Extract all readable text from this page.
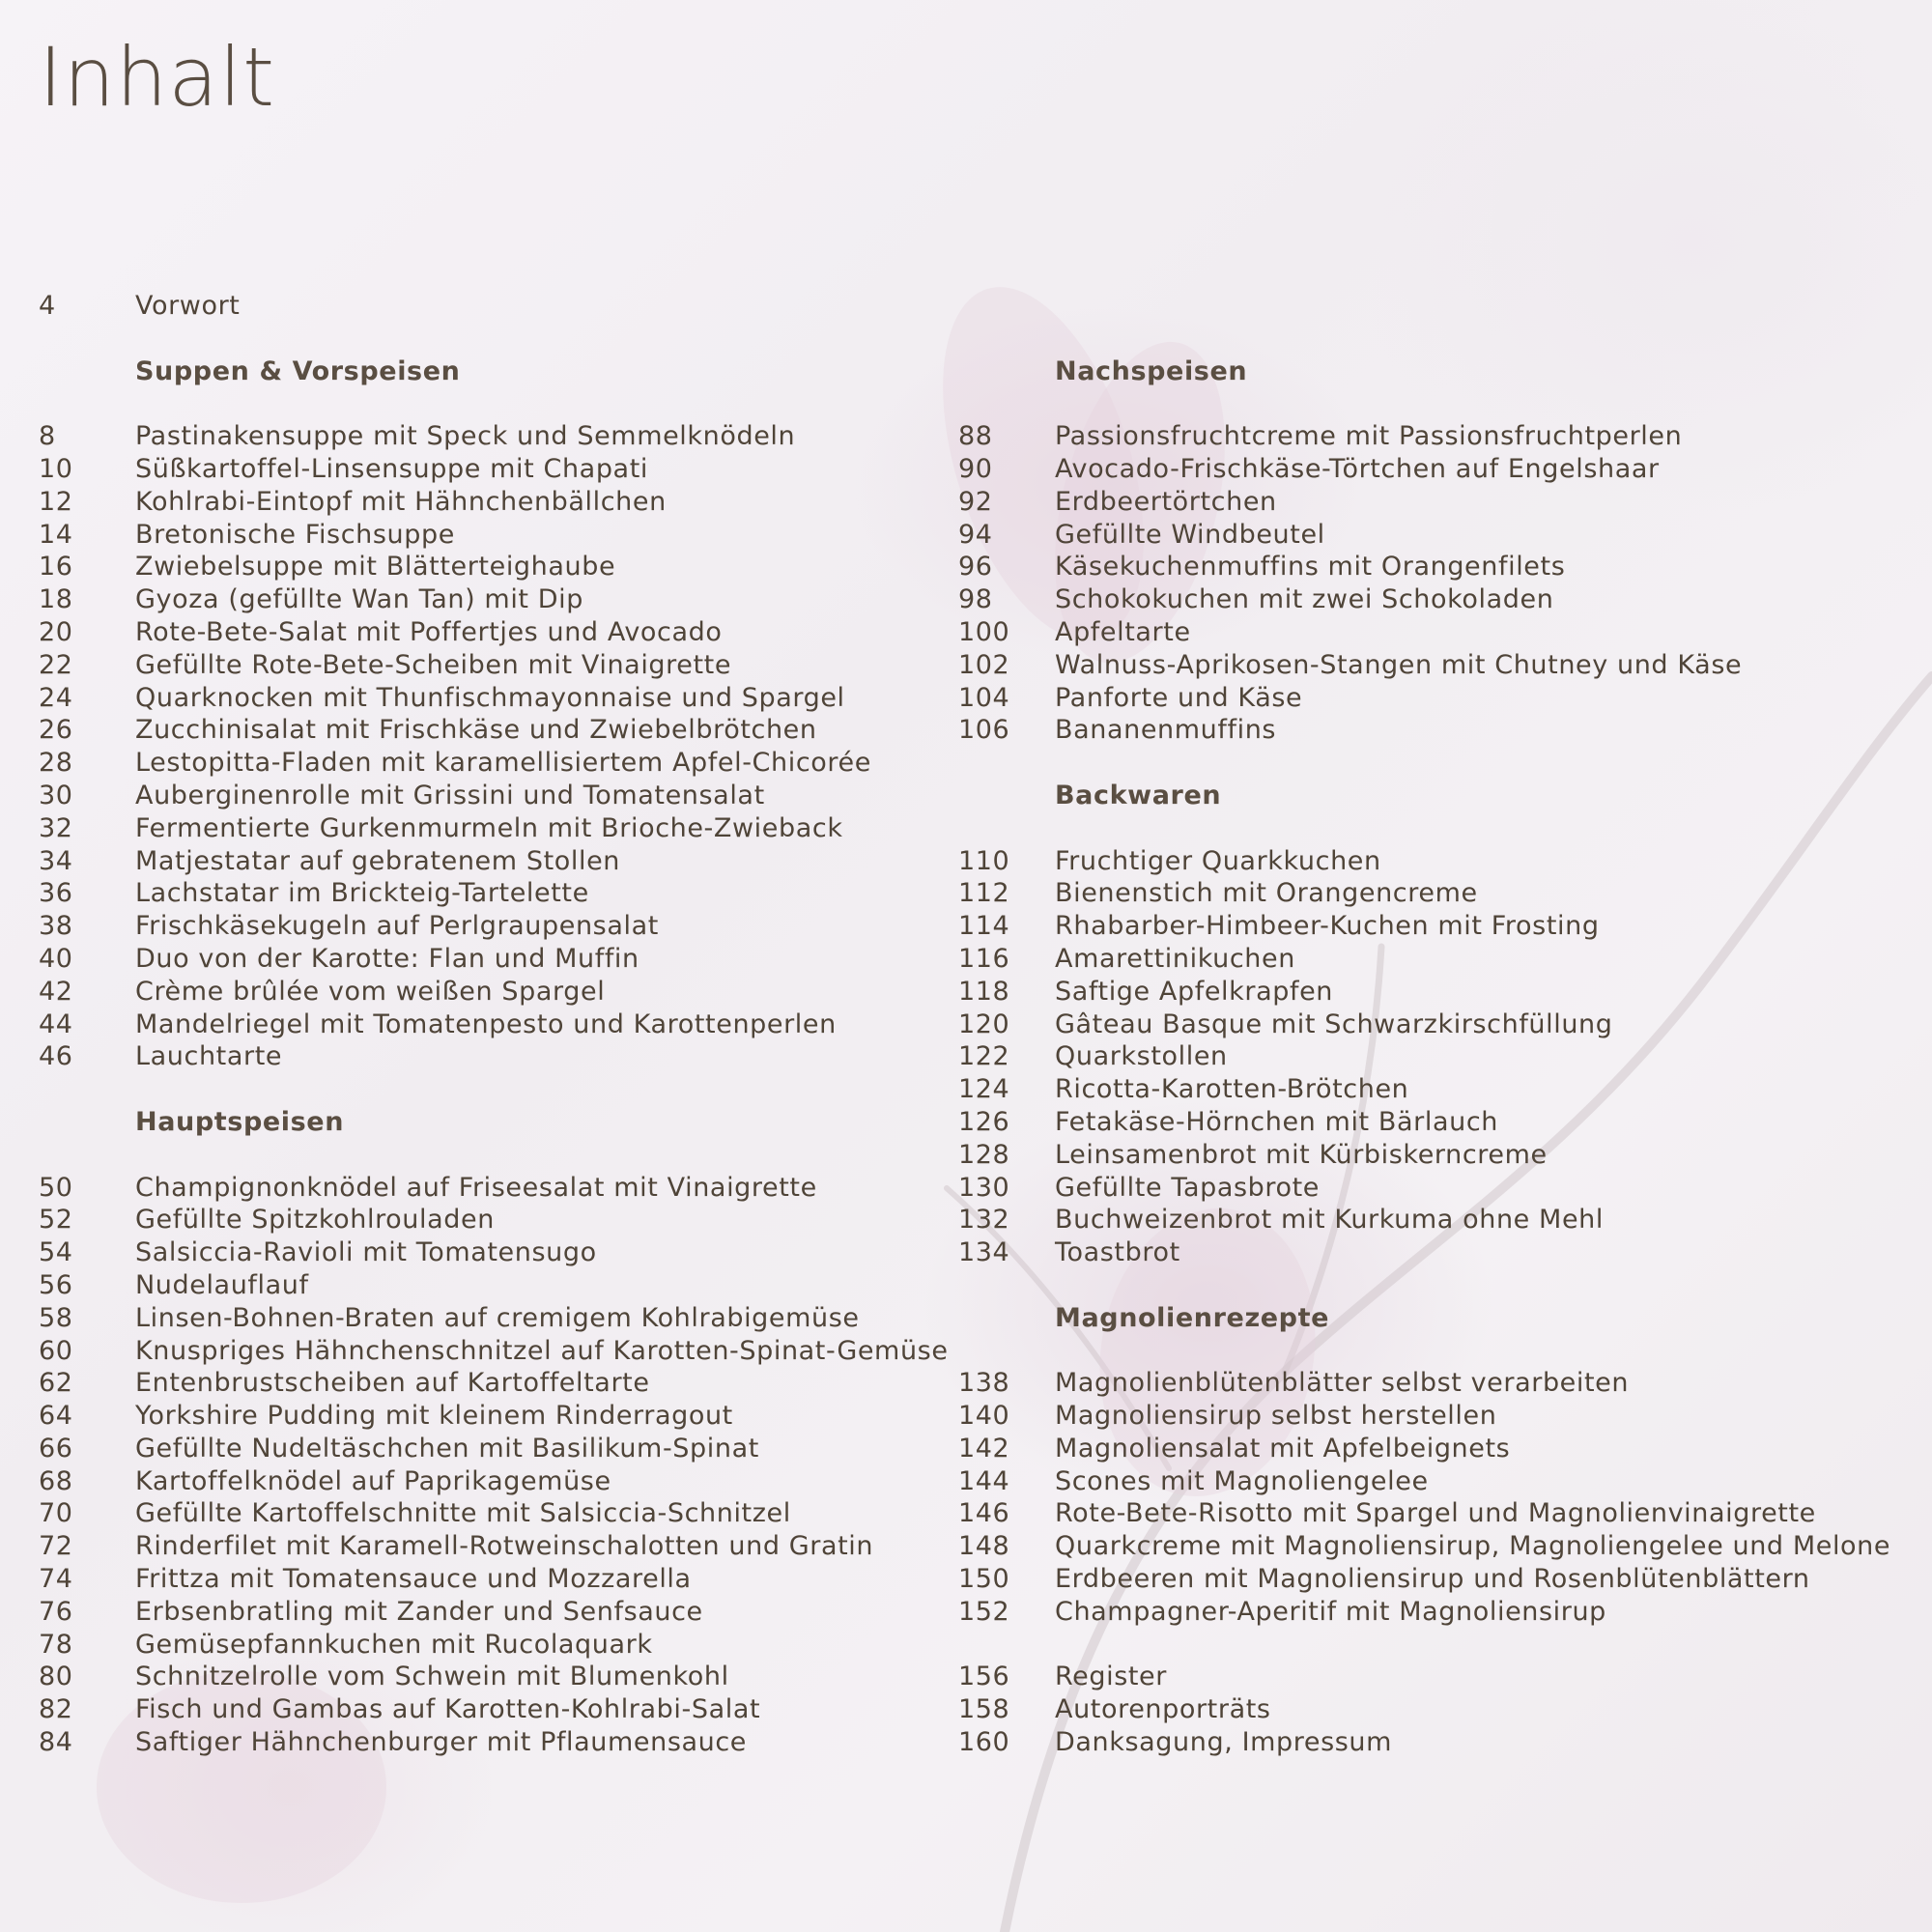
Inhalt
4	Vorwort
Suppen & Vorspeisen
8	Pastinakensuppe mit Speck und Semmelknödeln
10	Süßkartoffel-Linsensuppe mit Chapati
12	Kohlrabi-Eintopf mit Hähnchenbällchen
14	Bretonische Fischsuppe
16	Zwiebelsuppe mit Blätterteighaube
18	Gyoza (gefüllte Wan Tan) mit Dip
20	Rote-Bete-Salat mit Poffertjes und Avocado
22	Gefüllte Rote-Bete-Scheiben mit Vinaigrette
24	Quarknocken mit Thunfischmayonnaise und Spargel
26	Zucchinisalat mit Frischkäse und Zwiebelbrötchen
28	Lestopitta-Fladen mit karamellisiertem Apfel-Chicorée
30	Auberginenrolle mit Grissini und Tomatensalat
32	Fermentierte Gurkenmurmeln mit Brioche-Zwieback
34	Matjestatar auf gebratenem Stollen
36	Lachstatar im Brickteig-Tartelette
38	Frischkäsekugeln auf Perlgraupensalat
40	Duo von der Karotte: Flan und Muffin
42	Crème brûlée vom weißen Spargel
44	Mandelriegel mit Tomatenpesto und Karottenperlen
46	Lauchtarte
Hauptspeisen
50	Champignonknödel auf Friseesalat mit Vinaigrette
52	Gefüllte Spitzkohlrouladen
54	Salsiccia-Ravioli mit Tomatensugo
56	Nudelauflauf
58	Linsen-Bohnen-Braten auf cremigem Kohlrabigemüse
60	Knuspriges Hähnchenschnitzel auf Karotten-Spinat-Gemüse
62	Entenbrustscheiben auf Kartoffeltarte
64	Yorkshire Pudding mit kleinem Rinderragout
66	Gefüllte Nudeltäschchen mit Basilikum-Spinat
68	Kartoffelknödel auf Paprikagemüse
70	Gefüllte Kartoffelschnitte mit Salsiccia-Schnitzel
72	Rinderfilet mit Karamell-Rotweinschalotten und Gratin
74	Frittza mit Tomatensauce und Mozzarella
76	Erbsenbratling mit Zander und Senfsauce
78	Gemüsepfannkuchen mit Rucolaquark
80	Schnitzelrolle vom Schwein mit Blumenkohl
82	Fisch und Gambas auf Karotten-Kohlrabi-Salat
84	Saftiger Hähnchenburger mit Pflaumensauce
Nachspeisen
88	Passionsfruchtcreme mit Passionsfruchtperlen
90	Avocado-Frischkäse-Törtchen auf Engelshaar
92	Erdbeertörtchen
94	Gefüllte Windbeutel
96	Käsekuchenmuffins mit Orangenfilets
98	Schokokuchen mit zwei Schokoladen
100	Apfeltarte
102	Walnuss-Aprikosen-Stangen mit Chutney und Käse
104	Panforte und Käse
106	Bananenmuffins
Backwaren
110	Fruchtiger Quarkkuchen
112	Bienenstich mit Orangencreme
114	Rhabarber-Himbeer-Kuchen mit Frosting
116	Amarettinikuchen
118	Saftige Apfelkrapfen
120	Gâteau Basque mit Schwarzkirschfüllung
122	Quarkstollen
124	Ricotta-Karotten-Brötchen
126	Fetakäse-Hörnchen mit Bärlauch
128	Leinsamenbrot mit Kürbiskerncreme
130	Gefüllte Tapasbrote
132	Buchweizenbrot mit Kurkuma ohne Mehl
134	Toastbrot
Magnolienrezepte
138	Magnolienblütenblätter selbst verarbeiten
140	Magnoliensirup selbst herstellen
142	Magnoliensalat mit Apfelbeignets
144	Scones mit Magnoliengelee
146	Rote-Bete-Risotto mit Spargel und Magnolienvinaigrette
148	Quarkcreme mit Magnoliensirup, Magnoliengelee und Melone
150	Erdbeeren mit Magnoliensirup und Rosenblütenblättern
152	Champagner-Aperitif mit Magnoliensirup
156	Register
158	Autorenporträts
160	Danksagung, Impressum
